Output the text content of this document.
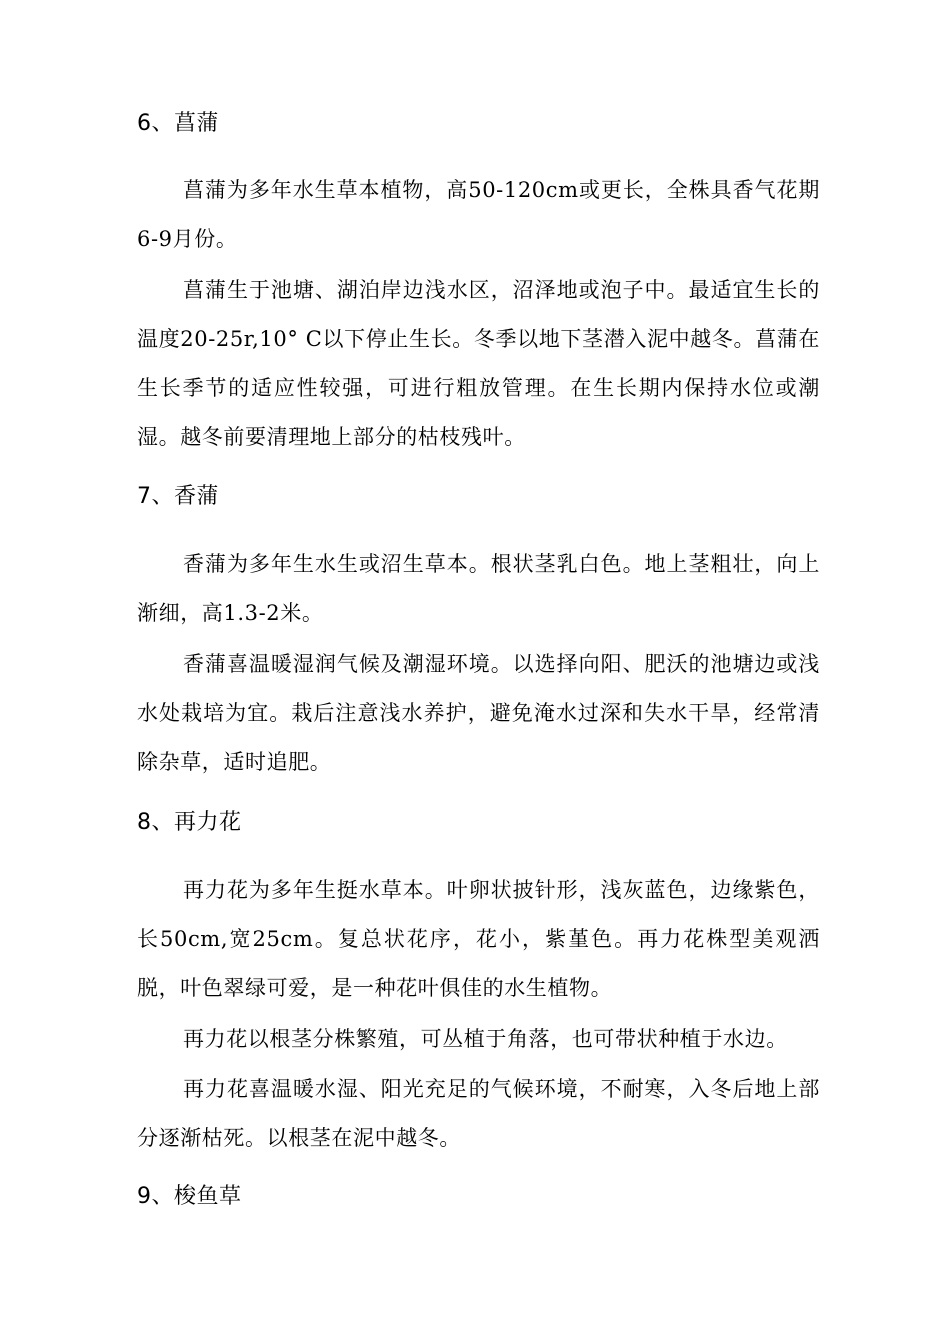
6、菖蒲

菖蒲为多年水生草本植物，高50-120cm或更长，全株具香气花期6-9月份。

菖蒲生于池塘、湖泊岸边浅水区，沼泽地或泡子中。最适宜生长的温度20-25r,10° C以下停止生长。冬季以地下茎潜入泥中越冬。菖蒲在生长季节的适应性较强，可进行粗放管理。在生长期内保持水位或潮湿。越冬前要清理地上部分的枯枝残叶。

7、香蒲

香蒲为多年生水生或沼生草本。根状茎乳白色。地上茎粗壮，向上渐细，高1.3-2米。

香蒲喜温暖湿润气候及潮湿环境。以选择向阳、肥沃的池塘边或浅水处栽培为宜。栽后注意浅水养护，避免淹水过深和失水干旱，经常清除杂草，适时追肥。

8、再力花

再力花为多年生挺水草本。叶卵状披针形，浅灰蓝色，边缘紫色，长50cm,宽25cm。复总状花序，花小，紫堇色。再力花株型美观洒脱，叶色翠绿可爱，是一种花叶俱佳的水生植物。

再力花以根茎分株繁殖，可丛植于角落，也可带状种植于水边。

再力花喜温暖水湿、阳光充足的气候环境，不耐寒，入冬后地上部分逐渐枯死。以根茎在泥中越冬。

9、梭鱼草
